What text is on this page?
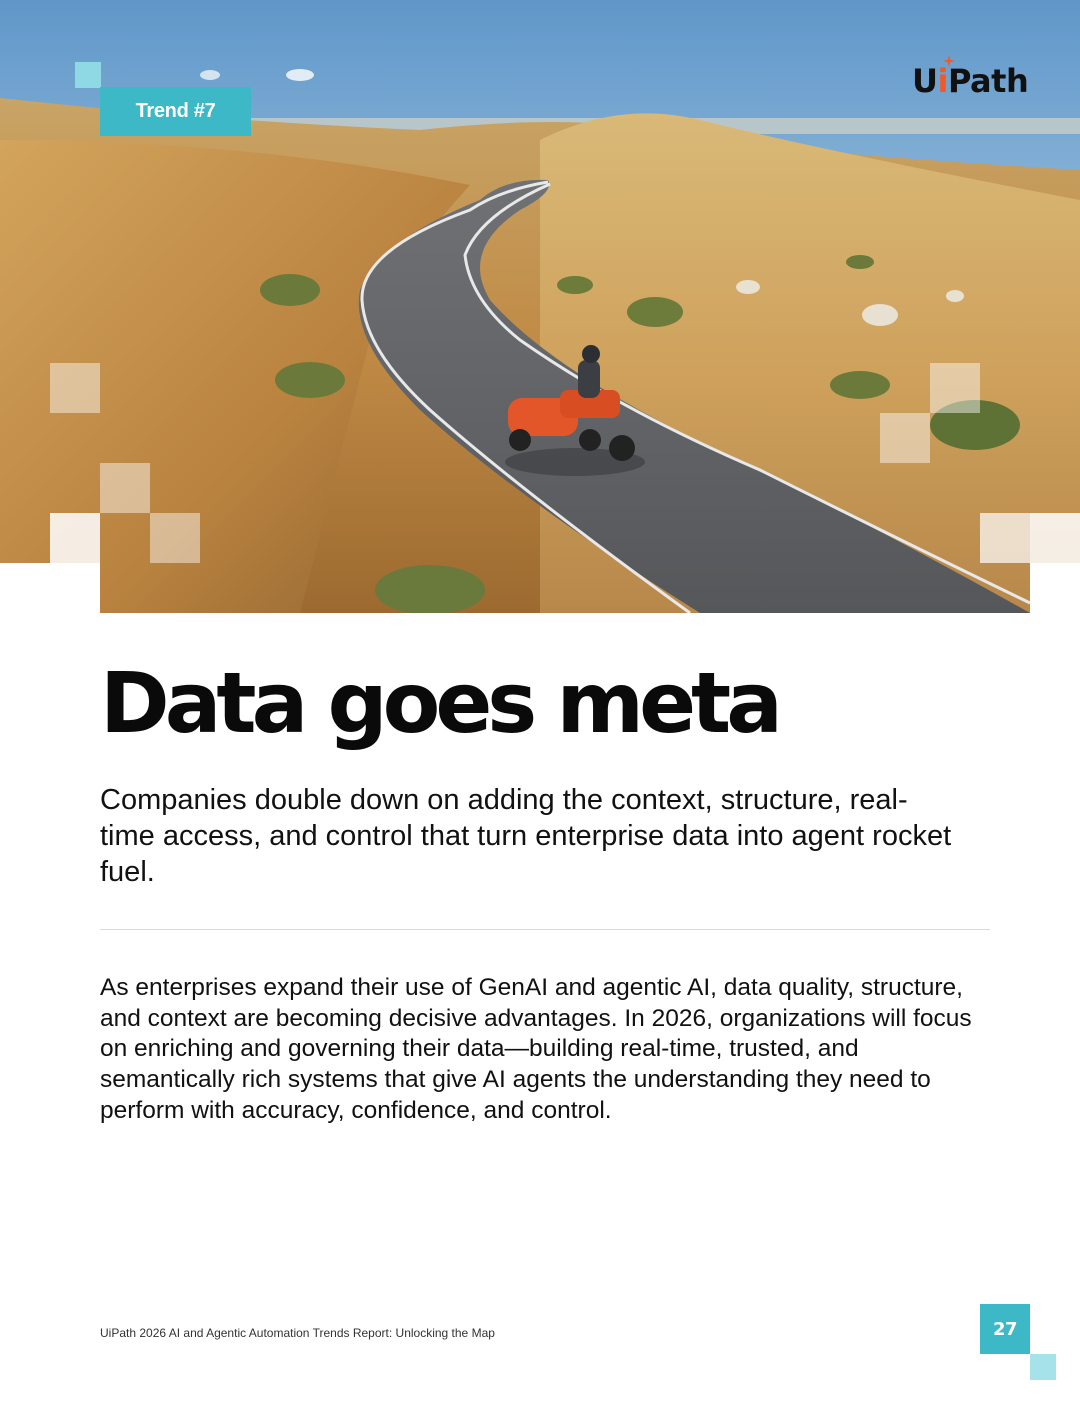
Trend #7
U
iPath
Data goes meta

Companies double down on adding the context, structure, real-time access, and control that turn enterprise data into agent rocket fuel.

As enterprises expand their use of GenAI and agentic AI, data quality, structure, and context are becoming decisive advantages. In 2026, organizations will focus on enriching and governing their data—building real-time, trusted, and semantically rich systems that give AI agents the understanding they need to perform with accuracy, confidence, and control.

UiPath 2026 AI and Agentic Automation Trends Report: Unlocking the Map	27
